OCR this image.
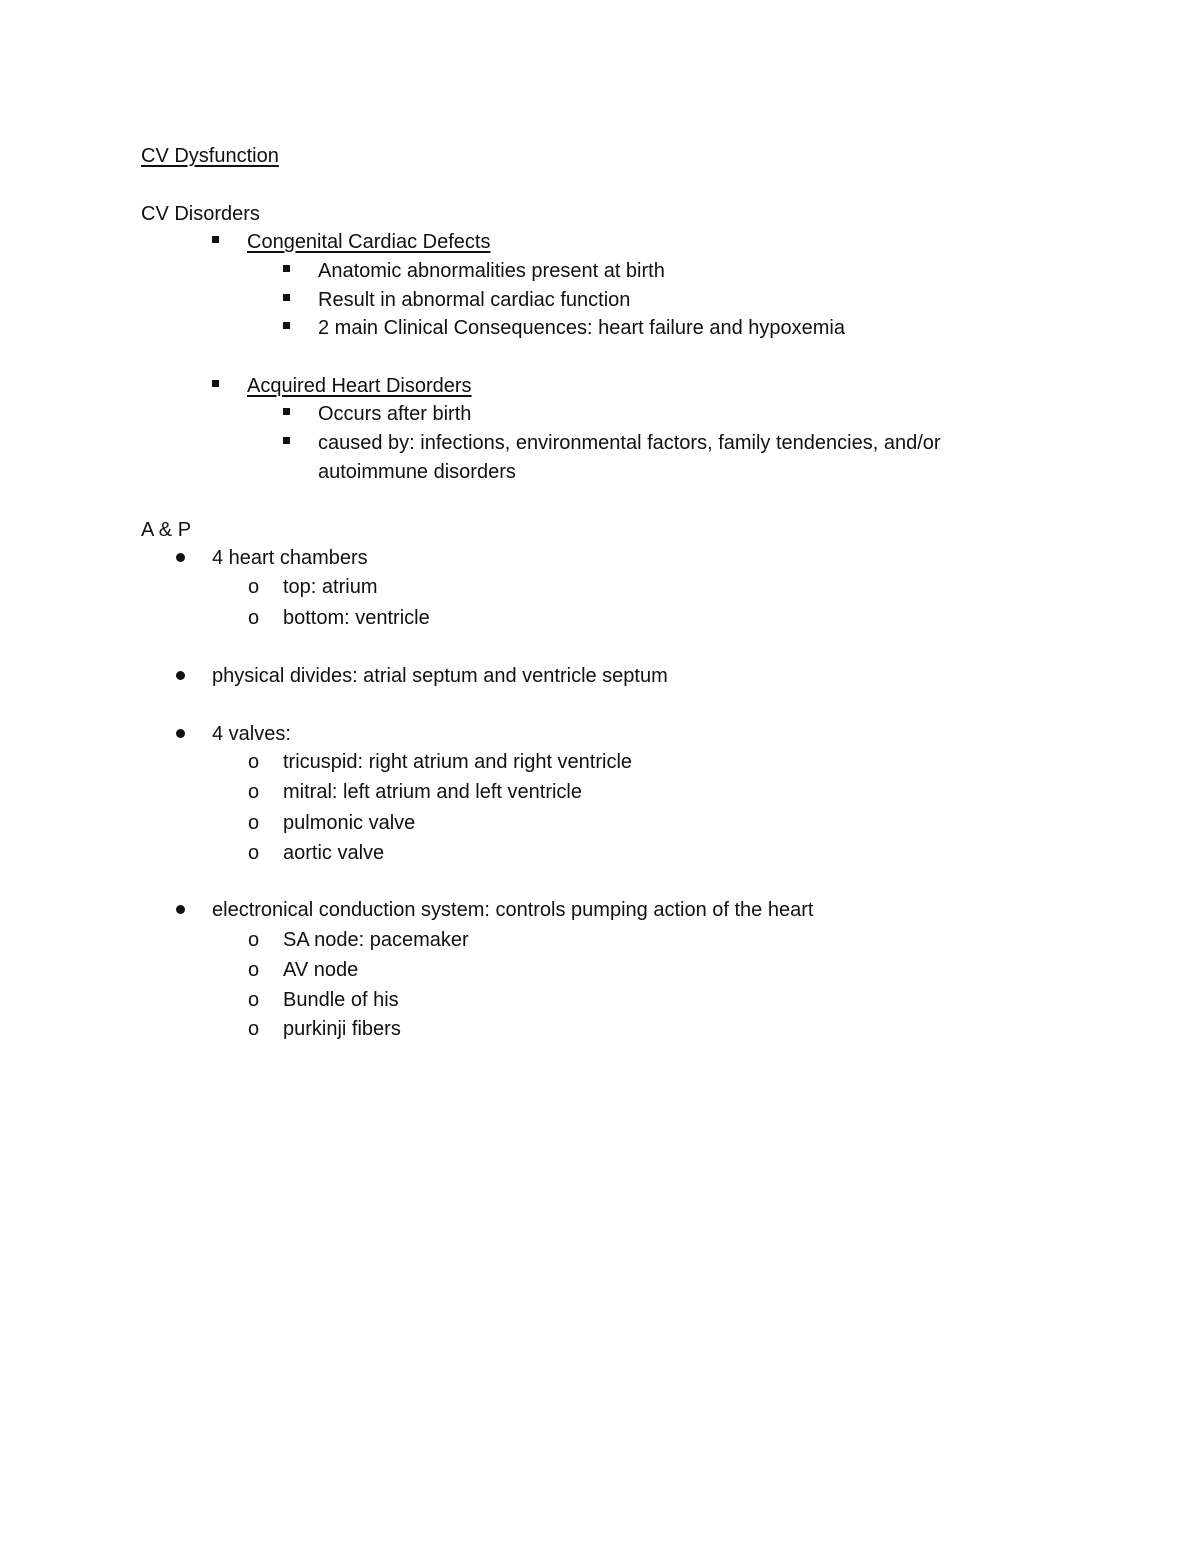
CV Dysfunction
CV Disorders
Congenital Cardiac Defects
Anatomic abnormalities present at birth
Result in abnormal cardiac function
2 main Clinical Consequences: heart failure and hypoxemia
Acquired Heart Disorders
Occurs after birth
caused by: infections, environmental factors, family tendencies, and/or
autoimmune disorders
A & P
4 heart chambers
o top: atrium
o bottom: ventricle
physical divides: atrial septum and ventricle septum
4 valves:
o tricuspid: right atrium and right ventricle
o mitral: left atrium and left ventricle
o pulmonic valve
o aortic valve
electronical conduction system: controls pumping action of the heart
o SA node: pacemaker
o AV node
o Bundle of his
o purkinji fibers
